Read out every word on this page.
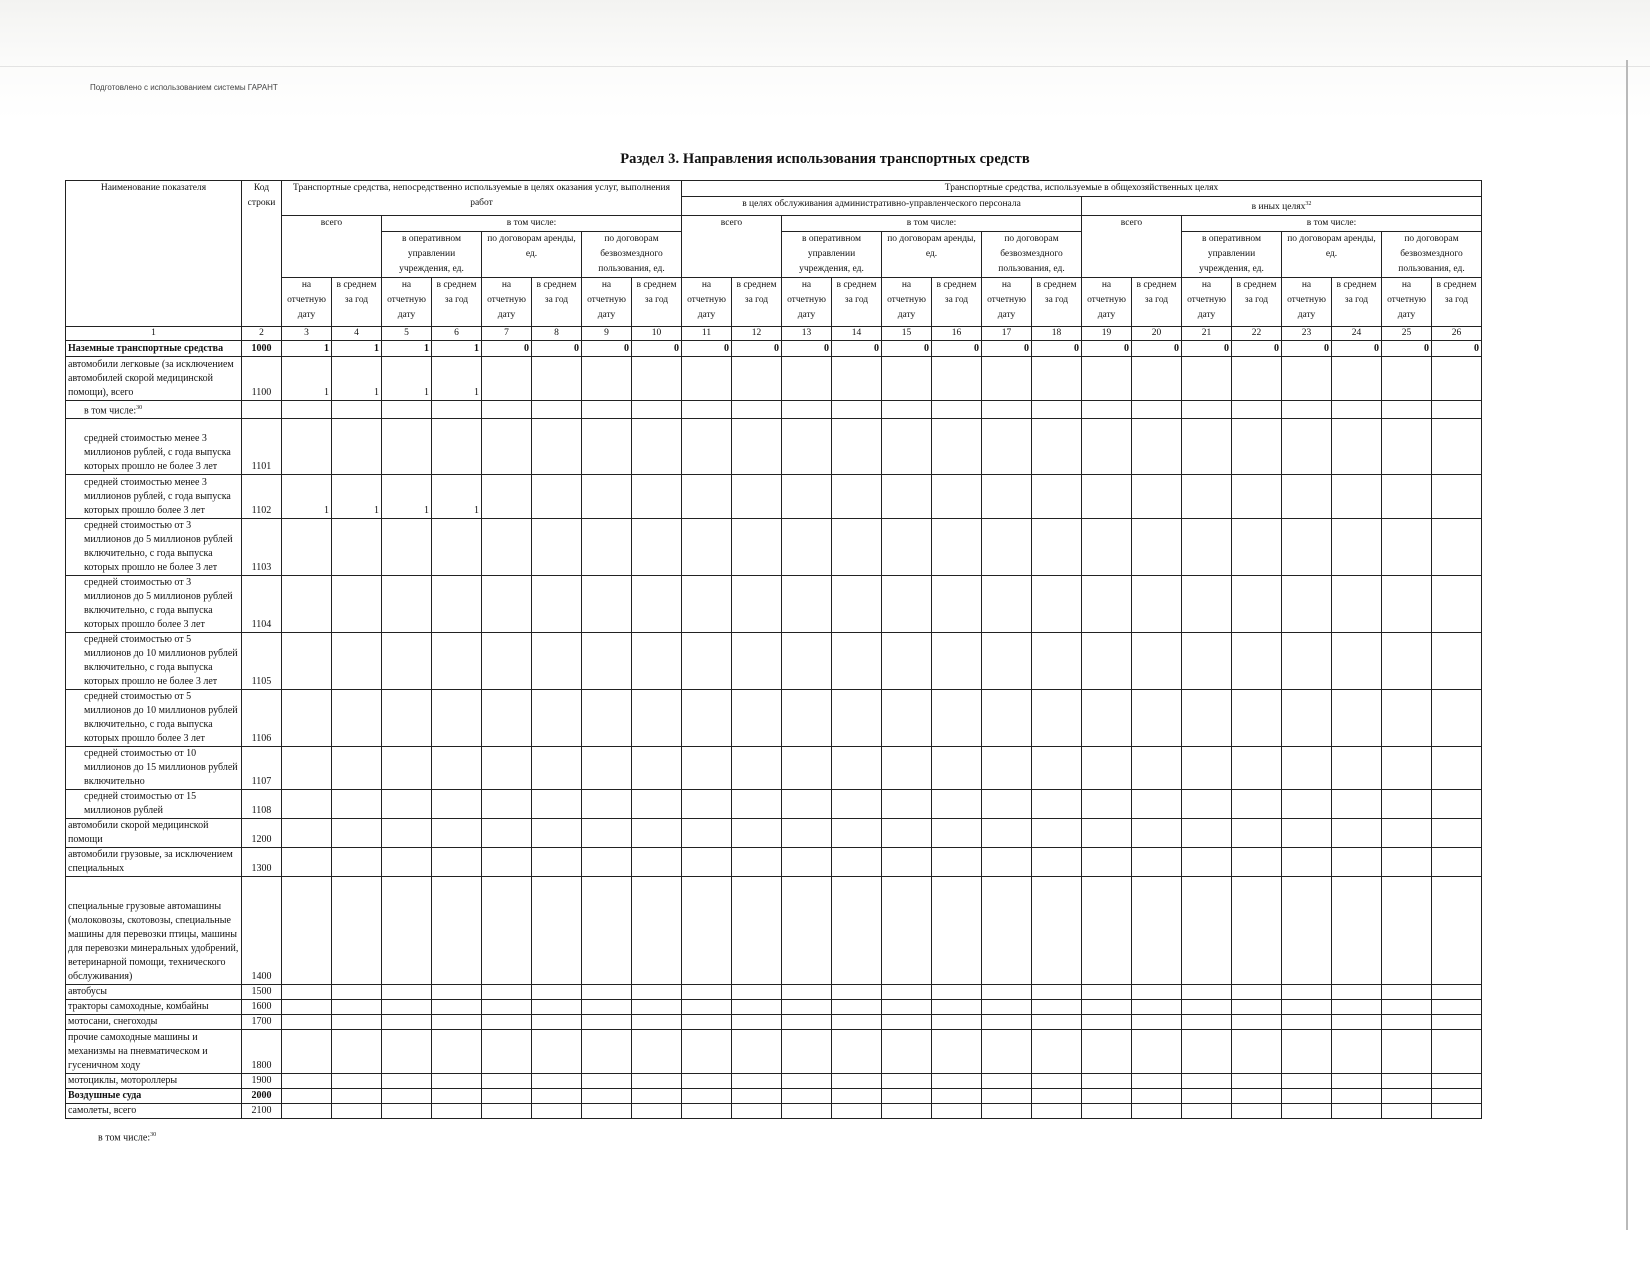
Подготовлено с использованием системы ГАРАНТ
Раздел 3. Направления использования транспортных средств
Наименование показателя	Код строки	Транспортные средства, непосредственно используемые в целях оказания услуг, выполнения работ								Транспортные средства, используемые в общехозяйственных целях															
										в целях обслуживания административно-управленческого персонала								в иных целях$^{32}$
		всего		в том числе:						всего		в том числе:						всего		в том числе:					
				в оперативном управлении учреждения, ед.		по договорам аренды, ед.		по договорам безвозмездного пользования, ед.				в оперативном управлении учреждения, ед.		по договорам аренды, ед.		по договорам безвозмездного пользования, ед.				в оперативном управлении учреждения, ед.		по договорам аренды, ед.		по договорам безвозмездного пользования, ед.	
		на отчетную дату	в среднем за год	на отчетную дату	в среднем за год	на отчетную дату	в среднем за год	на отчетную дату	в среднем за год	на отчетную дату	в среднем за год	на отчетную дату	в среднем за год	на отчетную дату	в среднем за год	на отчетную дату	в среднем за год	на отчетную дату	в среднем за год	на отчетную дату	в среднем за год	на отчетную дату	в среднем за год	на отчетную дату	в среднем за год
1	2	3	4	5	6	7	8	9	10	11	12	13	14	15	16	17	18	19	20	21	22	23	24	25	26
Наземные транспортные средства	1000	1	1	1	1	0	0	0	0	0	0	0	0	0	0	0	0	0	0	0	0	0	0	0	0
автомобили легковые (за исключением автомобилей скорой медицинской помощи), всего	1100	1	1	1	1																				
в том числе:$^{30}$																									
средней стоимостью менее 3 миллионов рублей, с года выпуска которых прошло не более 3 лет	1101																								
средней стоимостью менее 3 миллионов рублей, с года выпуска которых прошло более 3 лет	1102	1	1	1	1																				
средней стоимостью от 3 миллионов до 5 миллионов рублей включительно, с года выпуска которых прошло не более 3 лет	1103																								
средней стоимостью от 3 миллионов до 5 миллионов рублей включительно, с года выпуска которых прошло более 3 лет	1104																								
средней стоимостью от 5 миллионов до 10 миллионов рублей включительно, с года выпуска которых прошло не более 3 лет	1105																								
средней стоимостью от 5 миллионов до 10 миллионов рублей включительно, с года выпуска которых прошло более 3 лет	1106																								
средней стоимостью от 10 миллионов до 15 миллионов рублей включительно	1107																								
средней стоимостью от 15 миллионов рублей	1108																								
автомобили скорой медицинской помощи	1200																								
автомобили грузовые, за исключением специальных	1300																								
специальные грузовые автомашины (молоковозы, скотовозы, специальные машины для перевозки птицы, машины для перевозки минеральных удобрений, ветеринарной помощи, технического обслуживания)	1400																								
автобусы	1500																								
тракторы самоходные, комбайны	1600																								
мотосани, снегоходы	1700																								
прочие самоходные машины и механизмы на пневматическом и гусеничном ходу	1800																								
мотоциклы, мотороллеры	1900																								
Воздушные суда	2000																								
самолеты, всего	2100																								
в том числе:$^{30}$
